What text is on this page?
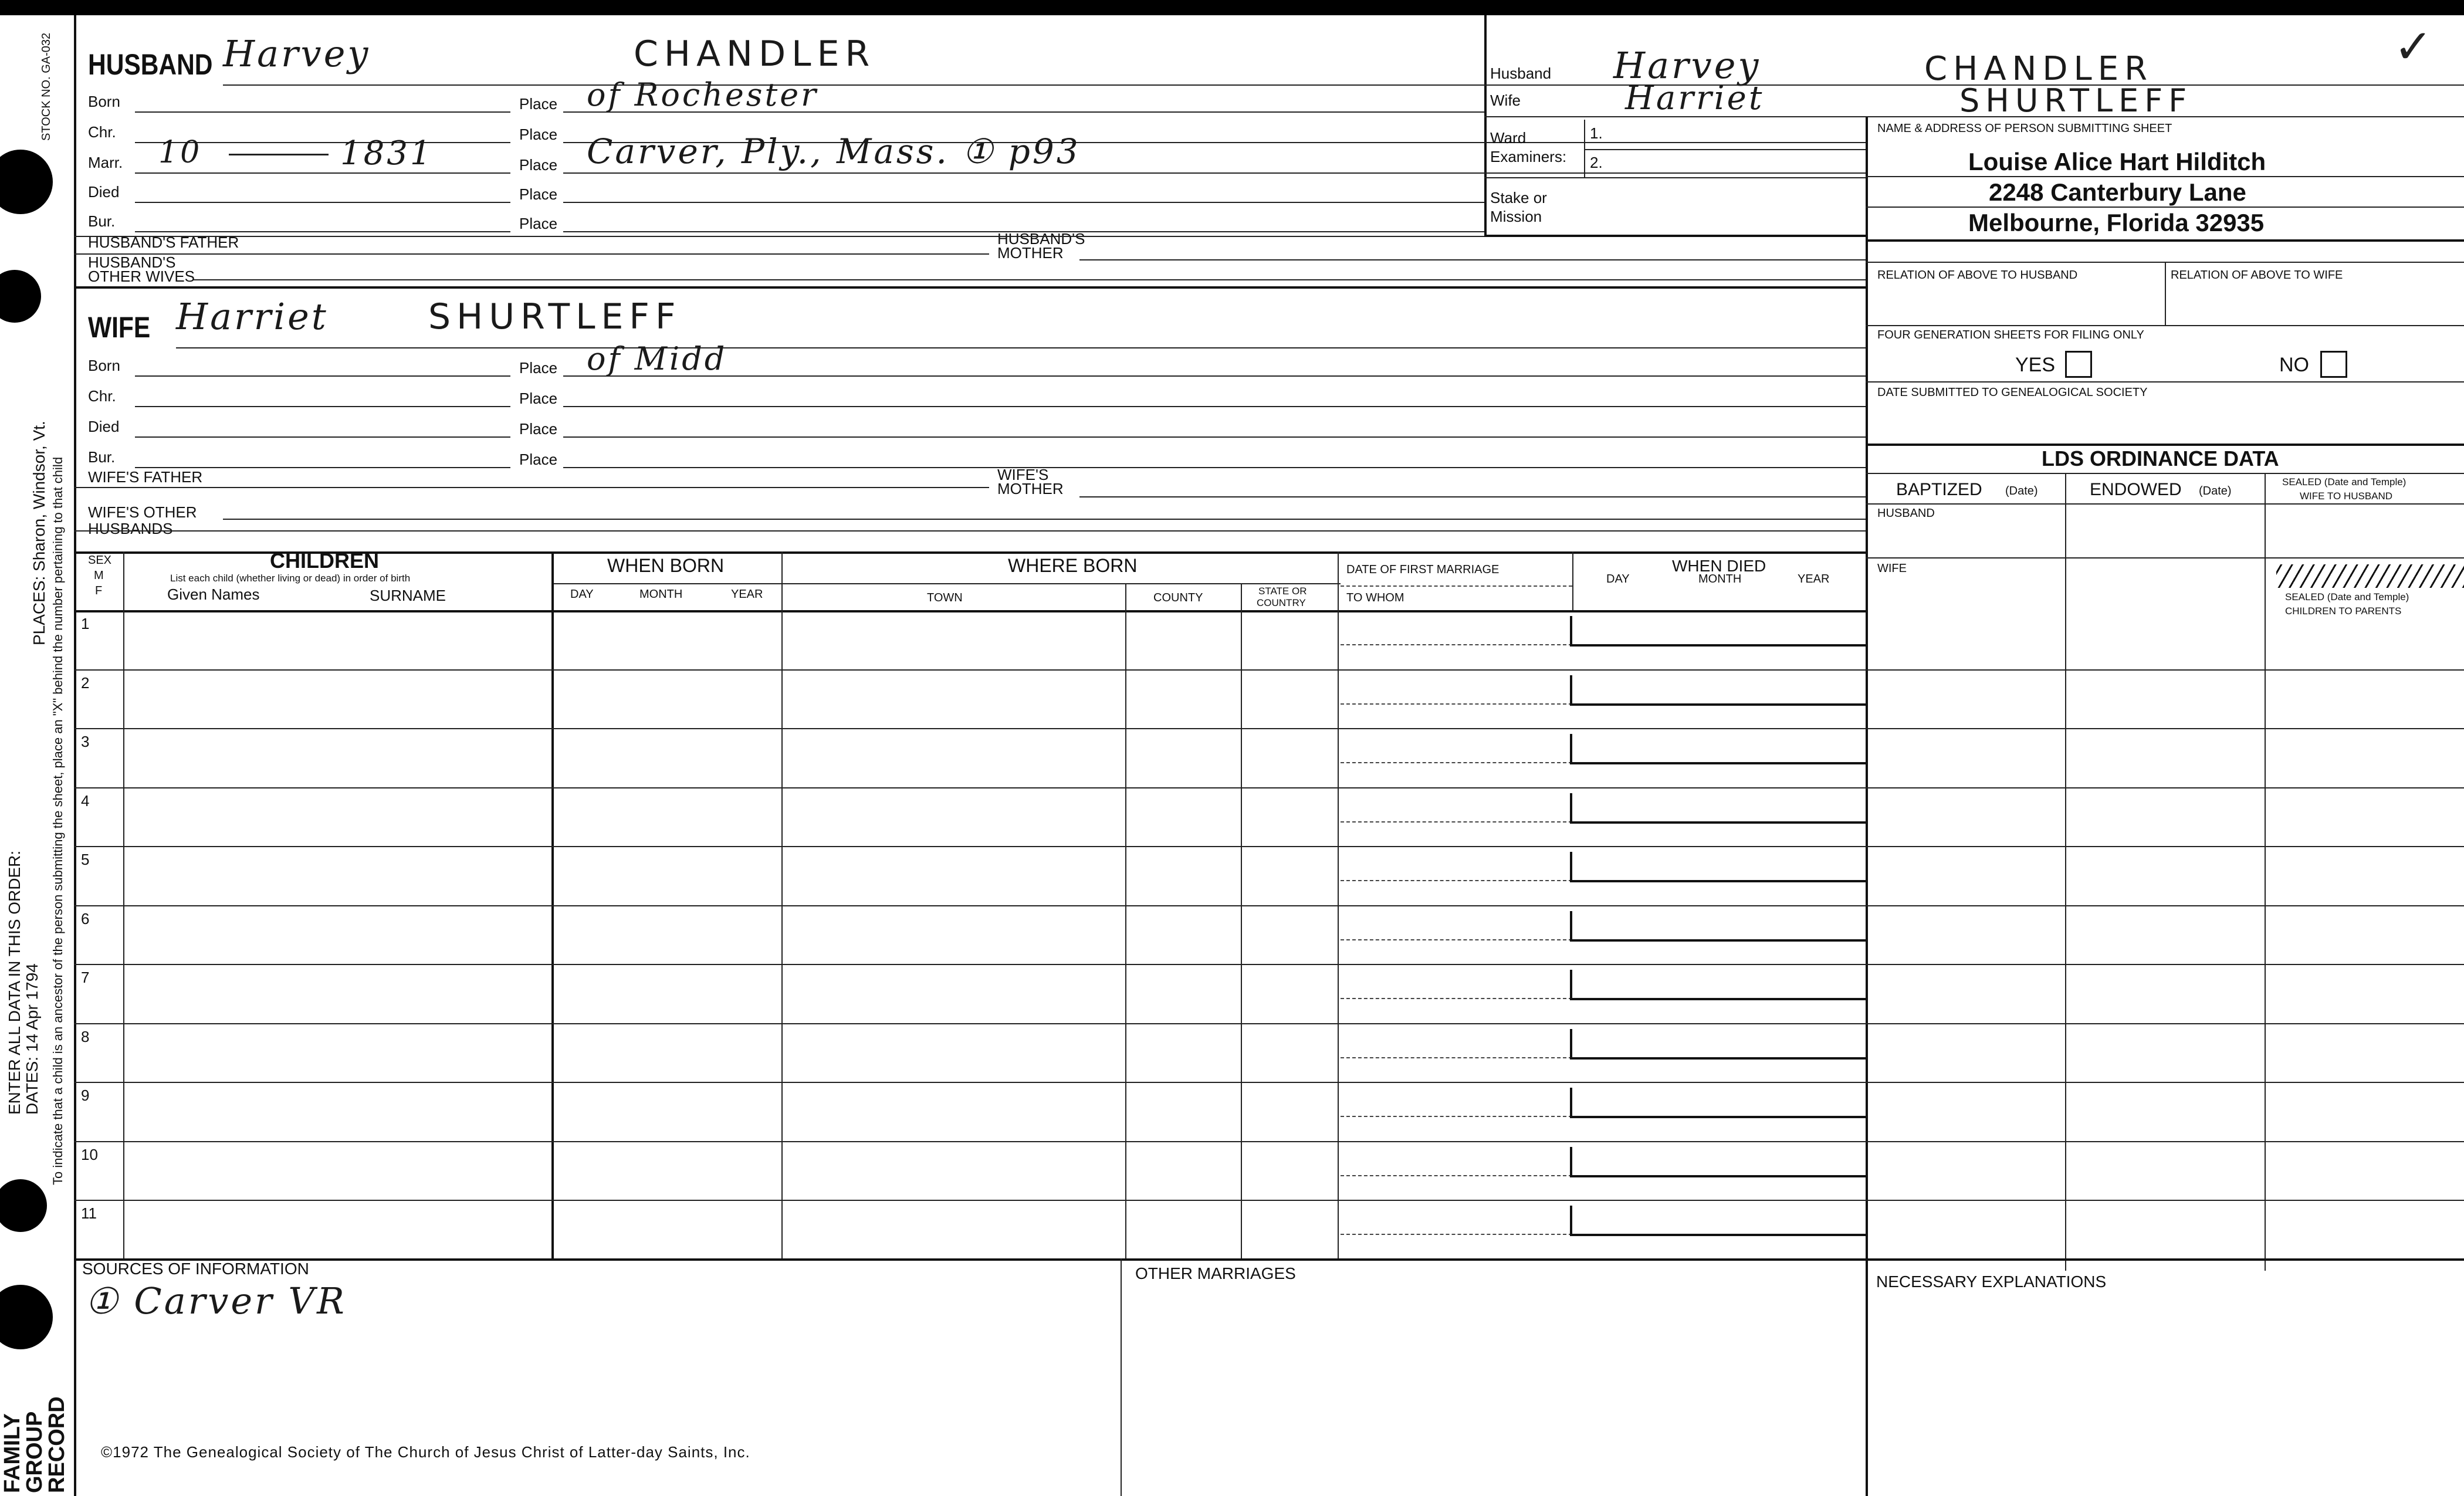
STOCK NO. GA-032
PLACES: Sharon, Windsor, Vt.
ENTER ALL DATA IN THIS ORDER: DATES: 14 Apr 1794 To indicate that a child is an ancestor of the person submitting the sheet, place an "X" behind the number pertaining to that child
FAMILY GROUP RECORD
HUSBAND Harvey	CHANDLER
Born	Place of Rochester
Chr.	Place
Marr. 10	1831	Place Carver, Ply., Mass. ① p93
Died	Place
Bur.	Place
HUSBAND'S FATHER	HUSBAND'S
MOTHER
HUSBAND'S
OTHER WIVES
WIFE Harriet	SHURTLEFF
Born	Place of Midd
Chr.	Place
Died	Place
Bur.	Place
WIFE'S FATHER	WIFE'S
MOTHER
WIFE'S OTHER
HUSBANDS
Husband Harvey	CHANDLER
Wife	Harriet	SHURTLEFF
✓
Ward
Examiners:
1.
2.
Stake or
Mission
NAME & ADDRESS OF PERSON SUBMITTING SHEET
Louise Alice Hart Hilditch
2248 Canterbury Lane
Melbourne, Florida 32935
RELATION OF ABOVE TO HUSBAND	RELATION OF ABOVE TO WIFE
FOUR GENERATION SHEETS FOR FILING ONLY
YES	NO
DATE SUBMITTED TO GENEALOGICAL SOCIETY
LDS ORDINANCE DATA
BAPTIZED (Date)	ENDOWED (Date)
SEALED (Date and Temple)
WIFE TO HUSBAND
HUSBAND
WIFE
SEALED (Date and Temple)
CHILDREN TO PARENTS
SEX
M
F
CHILDREN
List each child (whether living or dead) in order of birth
Given Names	SURNAME
WHEN BORN
DAY	MONTH	YEAR
WHERE BORN
TOWN	COUNTY
STATE OR
COUNTRY
DATE OF FIRST MARRIAGE
TO WHOM
WHEN DIED
DAY	MONTH	YEAR
1
2
3
4
5
6
7
8
9
10
11
SOURCES OF INFORMATION
① Carver VR
OTHER MARRIAGES	NECESSARY EXPLANATIONS
©1972 The Genealogical Society of The Church of Jesus Christ of Latter-day Saints, Inc.
